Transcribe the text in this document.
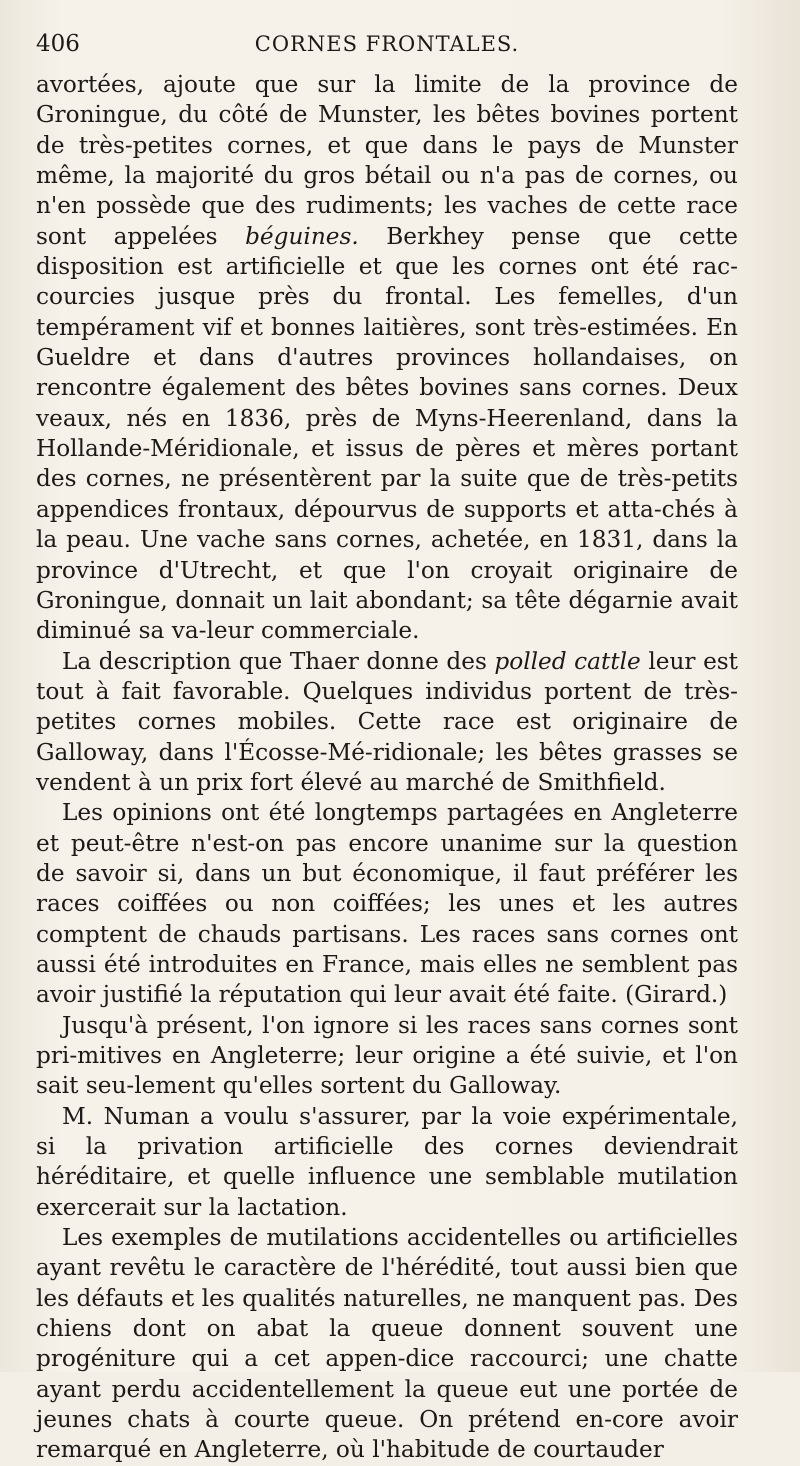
406	CORNES FRONTALES.

avortées, ajoute que sur la limite de la province de Groningue, du côté de Munster, les bêtes bovines portent de très-petites cornes, et que dans le pays de Munster même, la majorité du gros bétail ou n'a pas de cornes, ou n'en possède que des rudiments; les vaches de cette race sont appelées béguines. Berkhey pense que cette disposition est artificielle et que les cornes ont été rac-courcies jusque près du frontal. Les femelles, d'un tempérament vif et bonnes laitières, sont très-estimées. En Gueldre et dans d'autres provinces hollandaises, on rencontre également des bêtes bovines sans cornes. Deux veaux, nés en 1836, près de Myns-Heerenland, dans la Hollande-Méridionale, et issus de pères et mères portant des cornes, ne présentèrent par la suite que de très-petits appendices frontaux, dépourvus de supports et atta-chés à la peau. Une vache sans cornes, achetée, en 1831, dans la province d'Utrecht, et que l'on croyait originaire de Groningue, donnait un lait abondant; sa tête dégarnie avait diminué sa va-leur commerciale.

La description que Thaer donne des polled cattle leur est tout à fait favorable. Quelques individus portent de très-petites cornes mobiles. Cette race est originaire de Galloway, dans l'Écosse-Mé-ridionale; les bêtes grasses se vendent à un prix fort élevé au marché de Smithfield.

Les opinions ont été longtemps partagées en Angleterre et peut-être n'est-on pas encore unanime sur la question de savoir si, dans un but économique, il faut préférer les races coiffées ou non coiffées; les unes et les autres comptent de chauds partisans. Les races sans cornes ont aussi été introduites en France, mais elles ne semblent pas avoir justifié la réputation qui leur avait été faite. (Girard.)

Jusqu'à présent, l'on ignore si les races sans cornes sont pri-mitives en Angleterre; leur origine a été suivie, et l'on sait seu-lement qu'elles sortent du Galloway.

M. Numan a voulu s'assurer, par la voie expérimentale, si la privation artificielle des cornes deviendrait héréditaire, et quelle influence une semblable mutilation exercerait sur la lactation.

Les exemples de mutilations accidentelles ou artificielles ayant revêtu le caractère de l'hérédité, tout aussi bien que les défauts et les qualités naturelles, ne manquent pas. Des chiens dont on abat la queue donnent souvent une progéniture qui a cet appen-dice raccourci; une chatte ayant perdu accidentellement la queue eut une portée de jeunes chats à courte queue. On prétend en-core avoir remarqué en Angleterre, où l'habitude de courtauder
